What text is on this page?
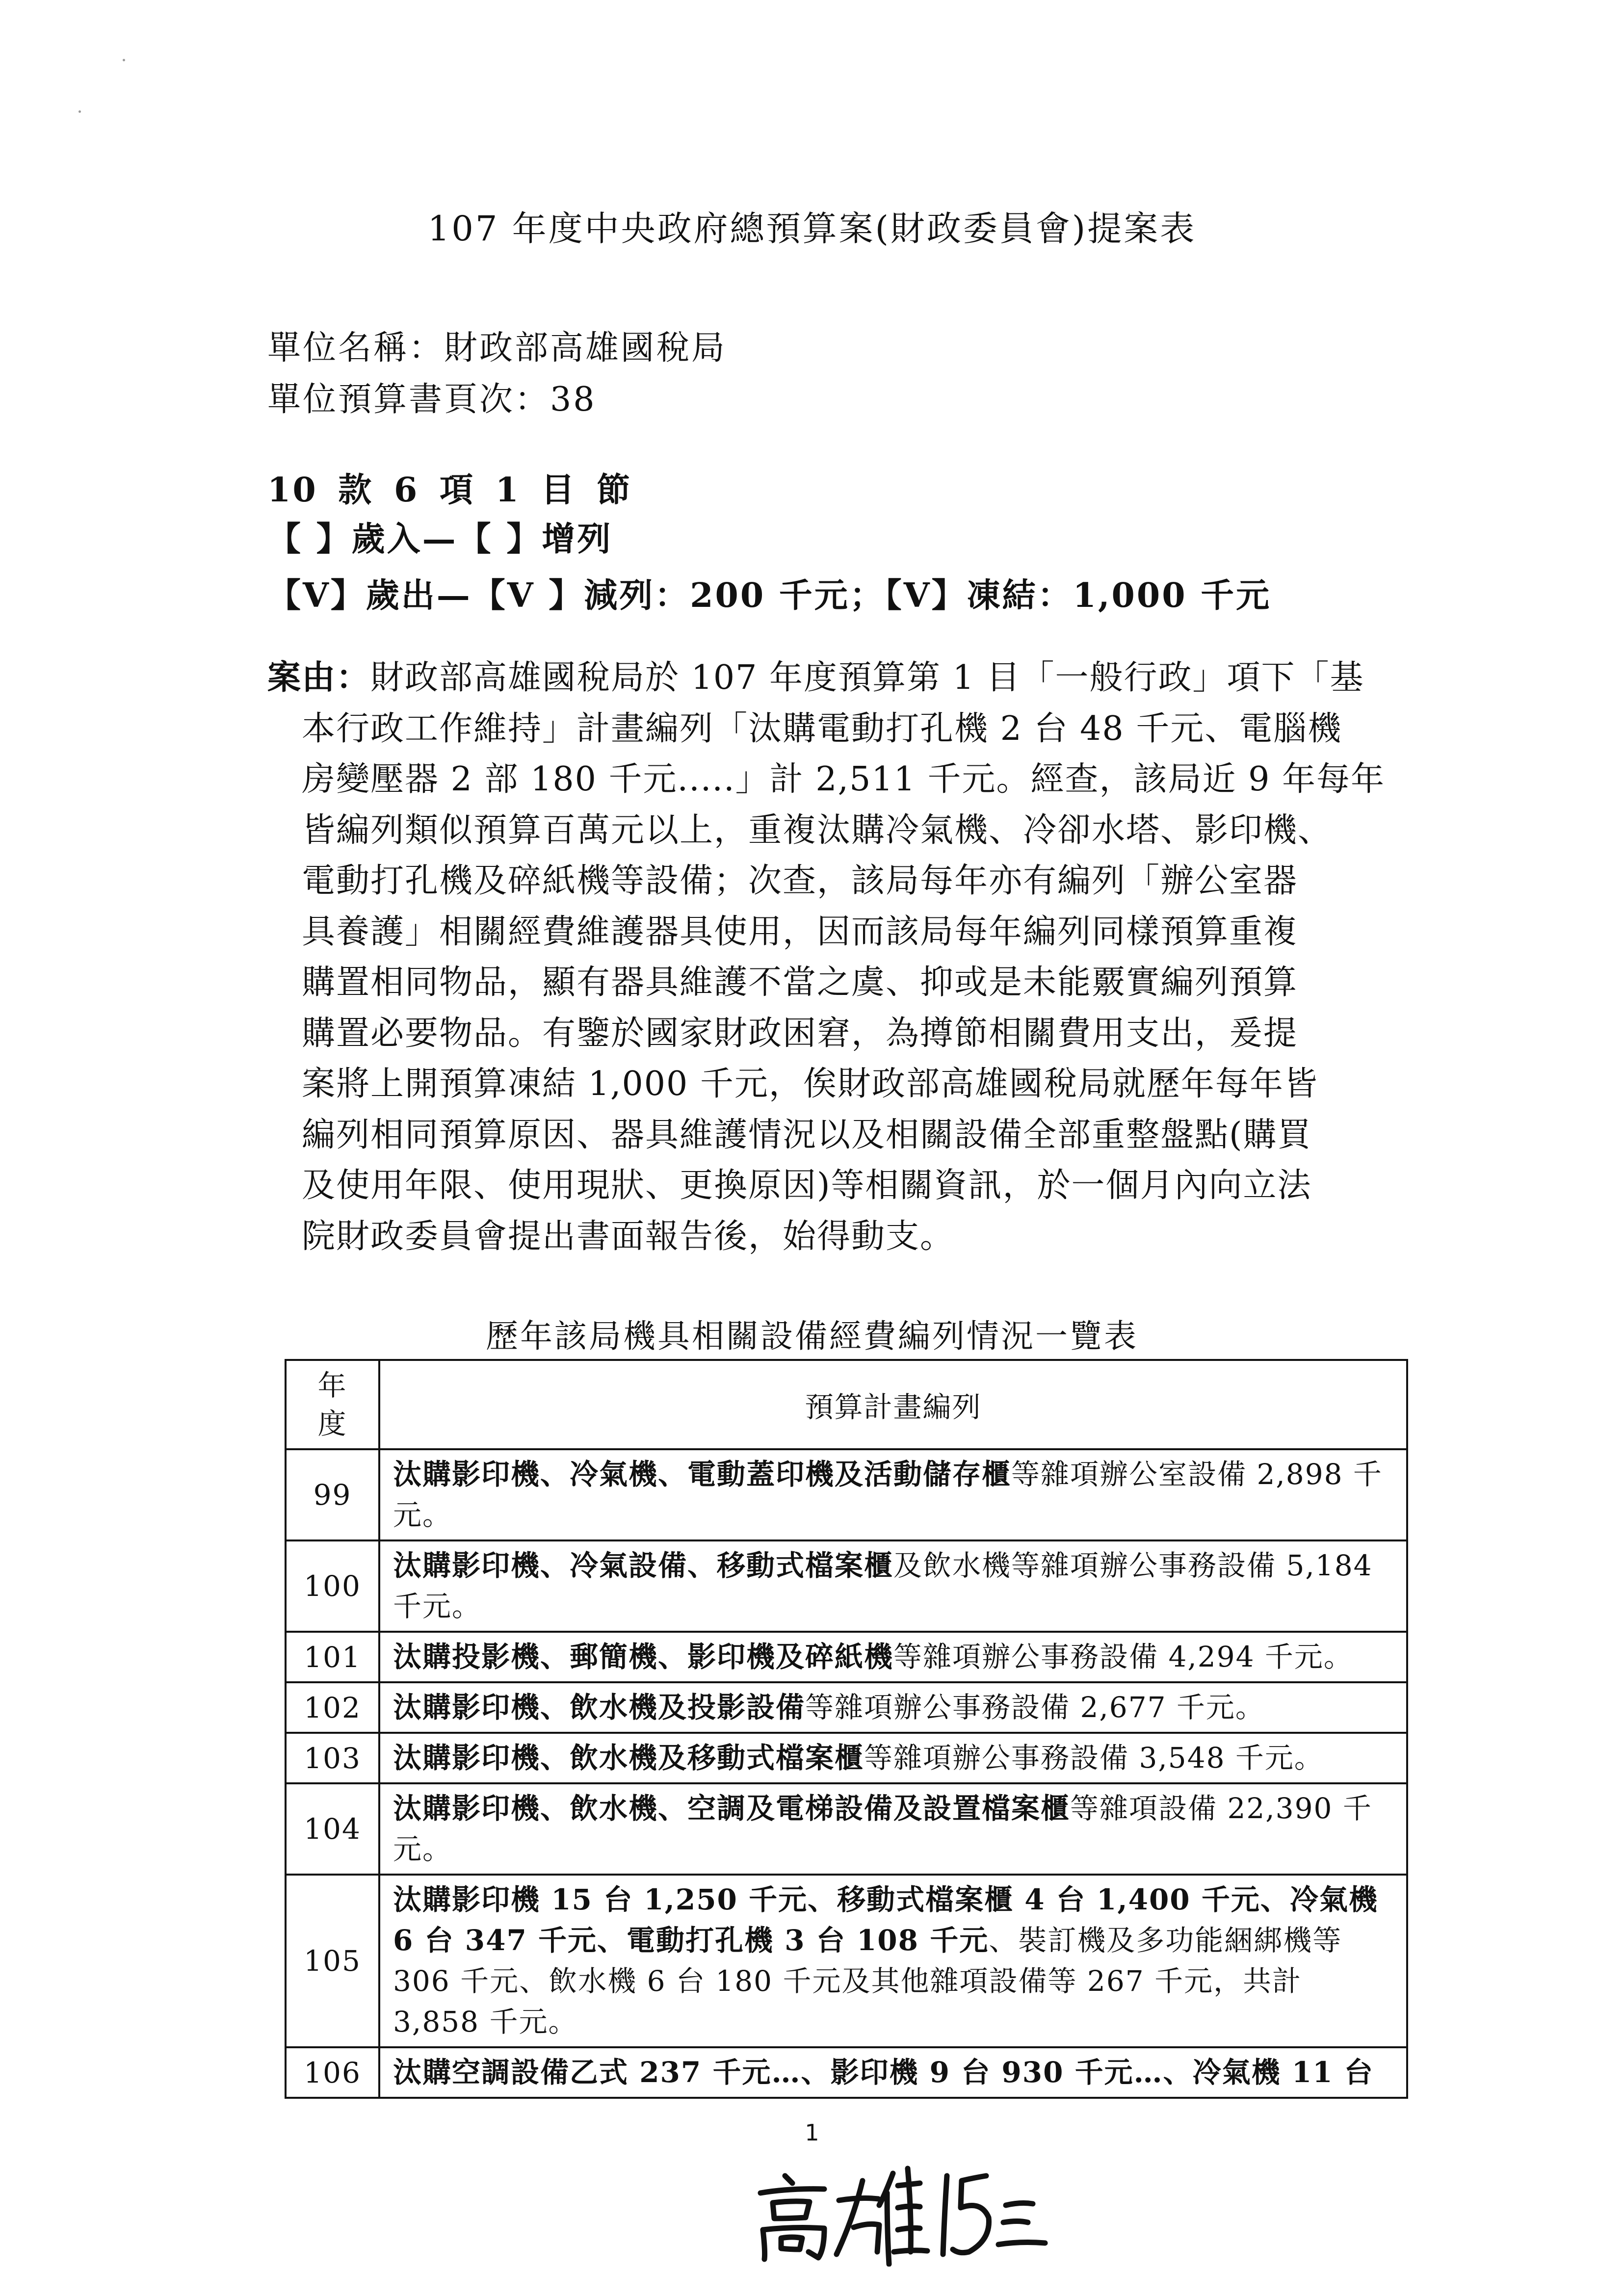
107 年度中央政府總預算案(財政委員會)提案表
單位名稱：財政部高雄國稅局
單位預算書頁次：38
10 款 6 項 1 目 節
【 】歲入—【 】增列
【V】歲出—【V 】減列：200 千元；【V】凍結：1,000 千元

案由：財政部高雄國稅局於 107 年度預算第 1 目「一般行政」項下「基

本行政工作維持」計畫編列「汰購電動打孔機 2 台 48 千元、電腦機

房變壓器 2 部 180 千元.....」計 2,511 千元。經查，該局近 9 年每年

皆編列類似預算百萬元以上，重複汰購冷氣機、冷卻水塔、影印機、

電動打孔機及碎紙機等設備；次查，該局每年亦有編列「辦公室器

具養護」相關經費維護器具使用，因而該局每年編列同樣預算重複

購置相同物品，顯有器具維護不當之虞、抑或是未能覈實編列預算

購置必要物品。有鑒於國家財政困窘，為撙節相關費用支出，爰提

案將上開預算凍結 1,000 千元，俟財政部高雄國稅局就歷年每年皆

編列相同預算原因、器具維護情況以及相關設備全部重整盤點(購買

及使用年限、使用現狀、更換原因)等相關資訊，於一個月內向立法

院財政委員會提出書面報告後，始得動支。

歷年該局機具相關設備經費編列情況一覽表
年
度	預算計畫編列
99	汰購影印機、冷氣機、電動蓋印機及活動儲存櫃等雜項辦公室設備 2,898 千元。
100	汰購影印機、冷氣設備、移動式檔案櫃及飲水機等雜項辦公事務設備 5,184 千元。
101	汰購投影機、郵簡機、影印機及碎紙機等雜項辦公事務設備 4,294 千元。
102	汰購影印機、飲水機及投影設備等雜項辦公事務設備 2,677 千元。
103	汰購影印機、飲水機及移動式檔案櫃等雜項辦公事務設備 3,548 千元。
104	汰購影印機、飲水機、空調及電梯設備及設置檔案櫃等雜項設備 22,390 千元。
105	汰購影印機 15 台 1,250 千元、移動式檔案櫃 4 台 1,400 千元、冷氣機 6 台 347 千元、電動打孔機 3 台 108 千元、裝訂機及多功能綑綁機等 306 千元、飲水機 6 台 180 千元及其他雜項設備等 267 千元，共計 3,858 千元。
106	汰購空調設備乙式 237 千元…、影印機 9 台 930 千元…、冷氣機 11 台
1
